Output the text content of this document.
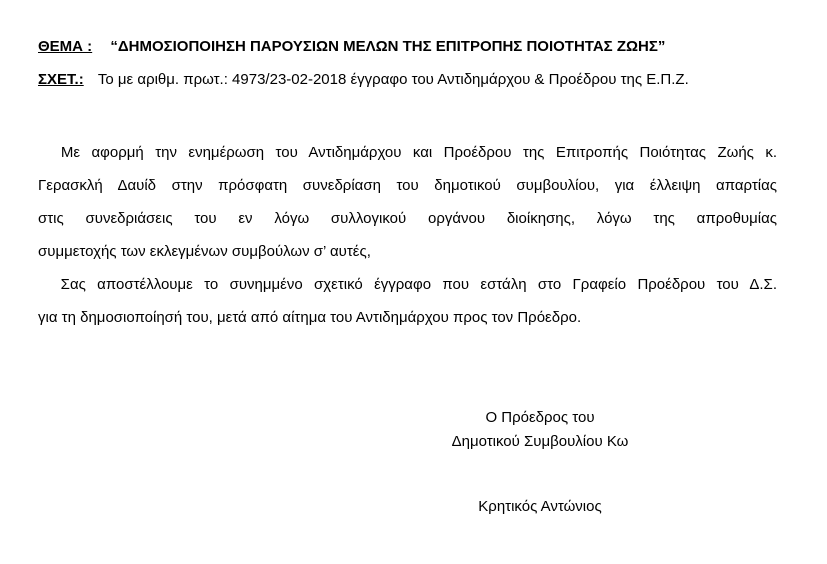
ΘΕΜΑ : “ΔΗΜΟΣΙΟΠΟΙΗΣΗ ΠΑΡΟΥΣΙΩΝ ΜΕΛΩΝ ΤΗΣ ΕΠΙΤΡΟΠΗΣ ΠΟΙΟΤΗΤΑΣ ΖΩΗΣ”
ΣΧΕΤ.: Το με αριθμ. πρωτ.: 4973/23-02-2018 έγγραφο του Αντιδημάρχου & Προέδρου της Ε.Π.Ζ.
Με αφορμή την ενημέρωση του Αντιδημάρχου και Προέδρου της Επιτροπής Ποιότητας Ζωής κ.
Γερασκλή Δαυίδ στην πρόσφατη συνεδρίαση του δημοτικού συμβουλίου, για έλλειψη απαρτίας
στις συνεδριάσεις του εν λόγω συλλογικού οργάνου διοίκησης, λόγω της απροθυμίας
συμμετοχής των εκλεγμένων συμβούλων σ’ αυτές,
Σας αποστέλλουμε το συνημμένο σχετικό έγγραφο που εστάλη στο Γραφείο Προέδρου του Δ.Σ.
για τη δημοσιοποίησή του, μετά από αίτημα του Αντιδημάρχου προς τον Πρόεδρο.
Ο Πρόεδρος του
Δημοτικού Συμβουλίου Κω
Κρητικός Αντώνιος
